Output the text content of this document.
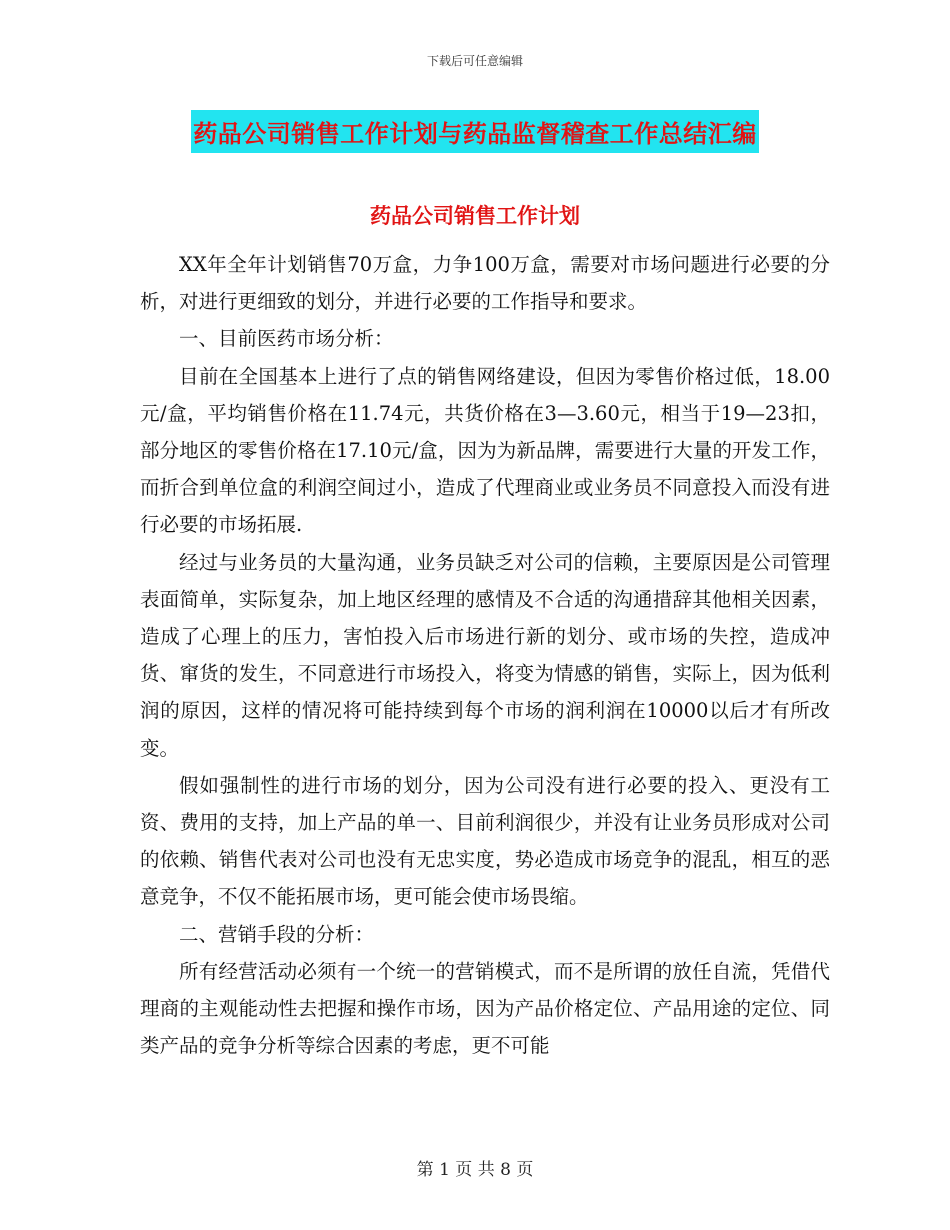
下载后可任意编辑
药品公司销售工作计划与药品监督稽查工作总结汇编
药品公司销售工作计划

XX年全年计划销售70万盒，力争100万盒，需要对市场问题进行必要的分析，对进行更细致的划分，并进行必要的工作指导和要求。

一、目前医药市场分析：

目前在全国基本上进行了点的销售网络建设，但因为零售价格过低，18.00元/盒，平均销售价格在11.74元，共货价格在3—3.60元，相当于19—23扣，部分地区的零售价格在17.10元/盒，因为为新品牌，需要进行大量的开发工作，而折合到单位盒的利润空间过小，造成了代理商业或业务员不同意投入而没有进行必要的市场拓展.

经过与业务员的大量沟通，业务员缺乏对公司的信赖，主要原因是公司管理表面简单，实际复杂，加上地区经理的感情及不合适的沟通措辞其他相关因素，造成了心理上的压力，害怕投入后市场进行新的划分、或市场的失控，造成冲货、窜货的发生，不同意进行市场投入，将变为情感的销售，实际上，因为低利润的原因，这样的情况将可能持续到每个市场的润利润在10000以后才有所改变。

假如强制性的进行市场的划分，因为公司没有进行必要的投入、更没有工资、费用的支持，加上产品的单一、目前利润很少，并没有让业务员形成对公司的依赖、销售代表对公司也没有无忠实度，势必造成市场竞争的混乱，相互的恶意竞争，不仅不能拓展市场，更可能会使市场畏缩。

二、营销手段的分析：

所有经营活动必须有一个统一的营销模式，而不是所谓的放任自流，凭借代理商的主观能动性去把握和操作市场，因为产品价格定位、产品用途的定位、同类产品的竞争分析等综合因素的考虑，更不可能

第 1 页 共 8 页
